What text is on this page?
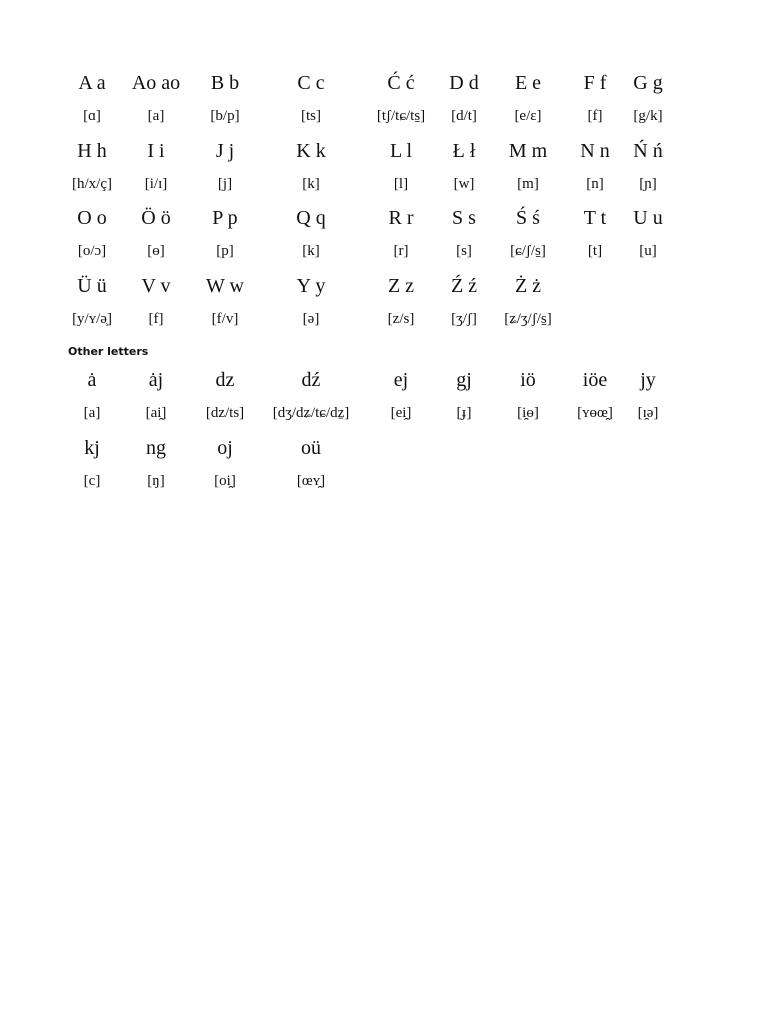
A a	Ao ao	B b	C c	Ć ć	D d	E e	F f	G g
[ɑ]	[a]	[b/p]	[ts]	[tʃ/tɕ/ts̠]	[d/t]	[e/ɛ]	[f]	[g/k]
H h	I i	J j	K k	L l	Ł ł	M m	N n	Ń ń
[h/x/ç]	[i/ɪ]	[j]	[k]	[l]	[w]	[m]	[n]	[ɲ]
O o	Ö ö	P p	Q q	R r	S s	Ś ś	T t	U u
[o/ɔ]	[ɵ]	[p]	[k]	[r]	[s]	[ɕ/ʃ/s̠]	[t]	[u]
Ü ü	V v	W w	Y y	Z z	Ź ź	Ż ż
[y/ʏ/ə̹]	[f]	[f/v]	[ə]	[z/s]	[ʒ/ʃ]	[ʑ/ʒ/ʃ/s̠]
Other letters
ȧ	ȧj	dz	dź	ej	gj	iö	iöe	jy
[a]	[ai̯]	[dz/ts]	[dʒ/dʑ/tɕ/dz̠]	[ei̯]	[ɟ]	[i̯ɵ]	[ʏɵœ̯]	[ɪ̯ə]
kj	ng	oj	oü
[c]	[ŋ]	[oi̯]	[œʏ̯]
